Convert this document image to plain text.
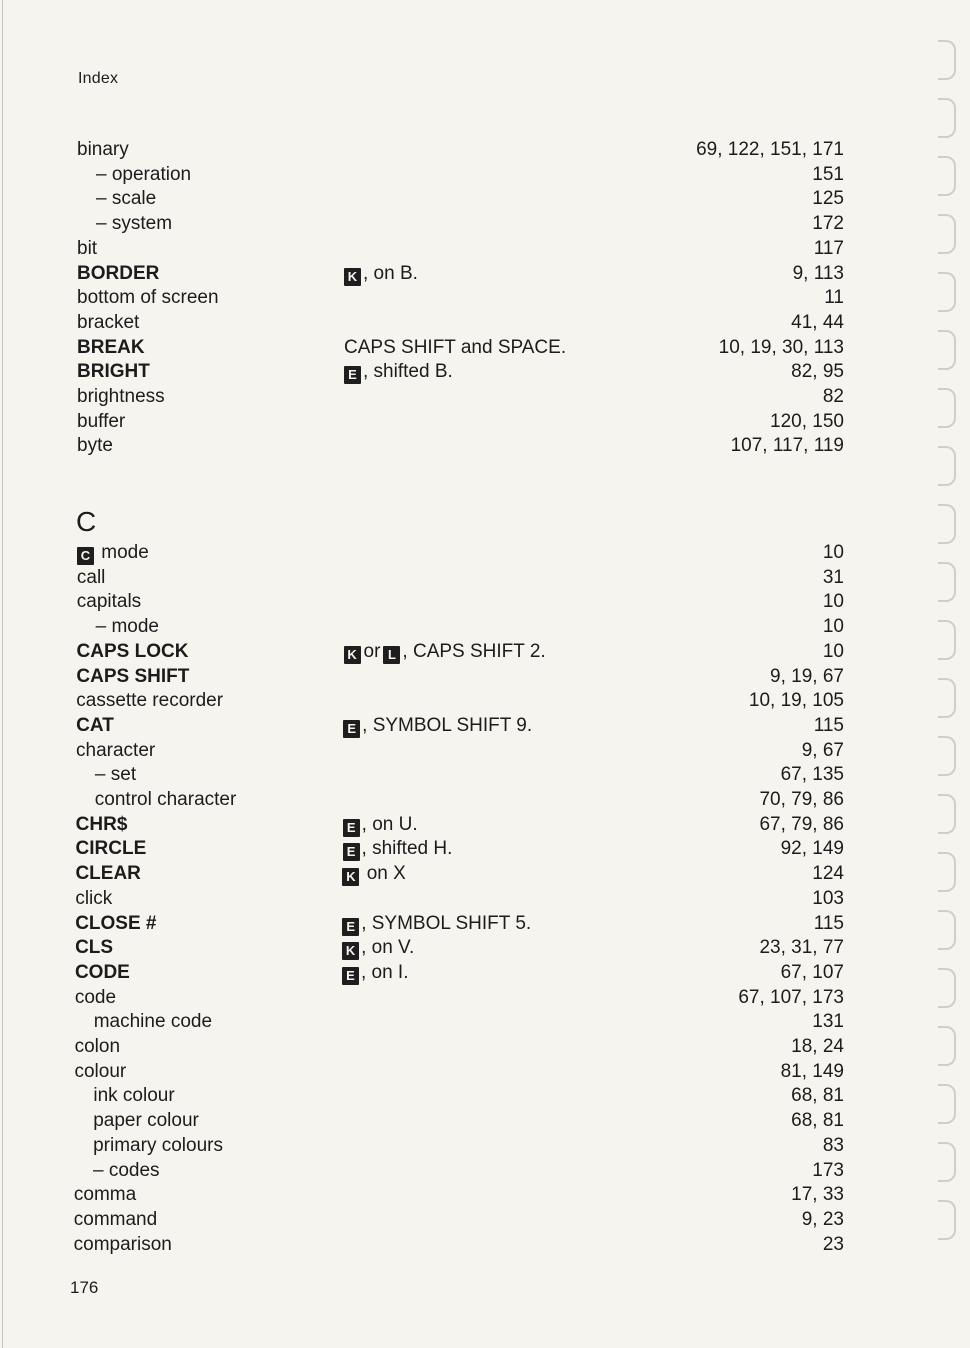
Index
C
binary	69, 122, 151, 171
– operation	151
– scale	125
– system	172
bit	117
BORDER	K , on B.	9, 113
bottom of screen	11
bracket	41, 44
BREAK	CAPS SHIFT and SPACE.	10, 19, 30, 113
BRIGHT	E , shifted B.	82, 95
brightness	82
buffer	120, 150
byte	107, 117, 119
C mode	10
call	31
capitals	10
– mode	10
CAPS LOCK	K or L , CAPS SHIFT 2.	10
CAPS SHIFT	9, 19, 67
cassette recorder	10, 19, 105
CAT	E , SYMBOL SHIFT 9.	115
character	9, 67
– set	67, 135
control character	70, 79, 86
CHR$	E , on U.	67, 79, 86
CIRCLE	E , shifted H.	92, 149
CLEAR	K on X	124
click	103
CLOSE #	E , SYMBOL SHIFT 5.	115
CLS	K , on V.	23, 31, 77
CODE	E , on I.	67, 107
code	67, 107, 173
machine code	131
colon	18, 24
colour	81, 149
ink colour	68, 81
paper colour	68, 81
primary colours	83
– codes	173
comma	17, 33
command	9, 23
comparison	23
176
